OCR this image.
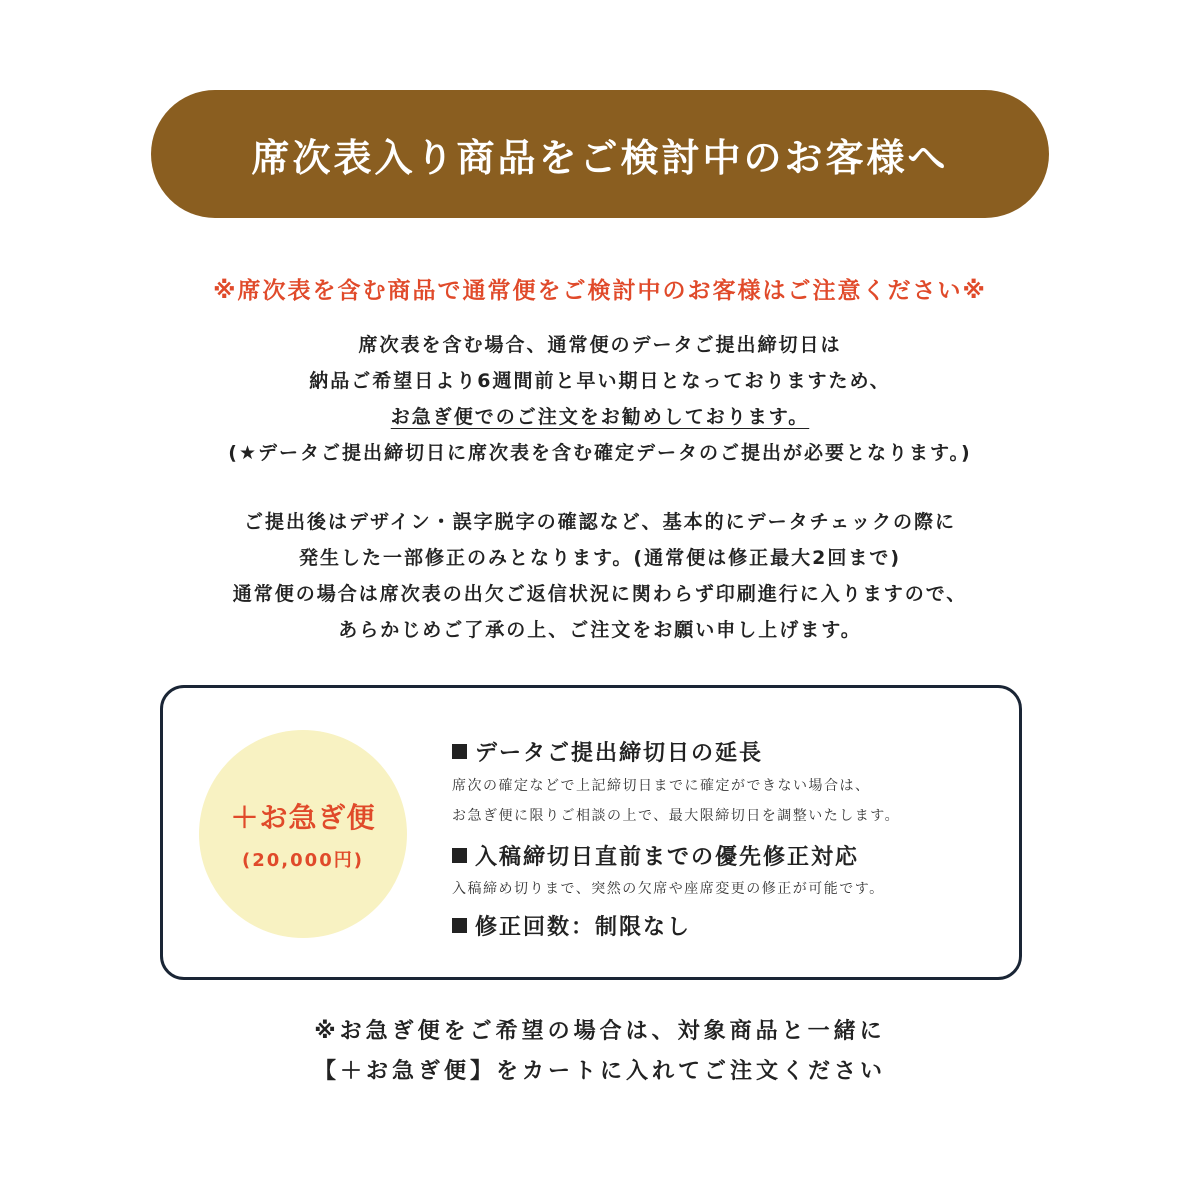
席次表入り商品をご検討中のお客様へ
※席次表を含む商品で通常便をご検討中のお客様はご注意ください※

席次表を含む場合、通常便のデータご提出締切日は

納品ご希望日より6週間前と早い期日となっておりますため、

お急ぎ便でのご注文をお勧めしております。

(★データご提出締切日に席次表を含む確定データのご提出が必要となります。)

ご提出後はデザイン・誤字脱字の確認など、基本的にデータチェックの際に

発生した一部修正のみとなります。(通常便は修正最大2回まで)

通常便の場合は席次表の出欠ご返信状況に関わらず印刷進行に入りますので、

あらかじめご了承の上、ご注文をお願い申し上げます。

＋お急ぎ便
(20,000円)
データご提出締切日の延長
席次の確定などで上記締切日までに確定ができない場合は、
お急ぎ便に限りご相談の上で、最大限締切日を調整いたします。
入稿締切日直前までの優先修正対応
入稿締め切りまで、突然の欠席や座席変更の修正が可能です。
修正回数：制限なし

※お急ぎ便をご希望の場合は、対象商品と一緒に

【＋お急ぎ便】をカートに入れてご注文ください
